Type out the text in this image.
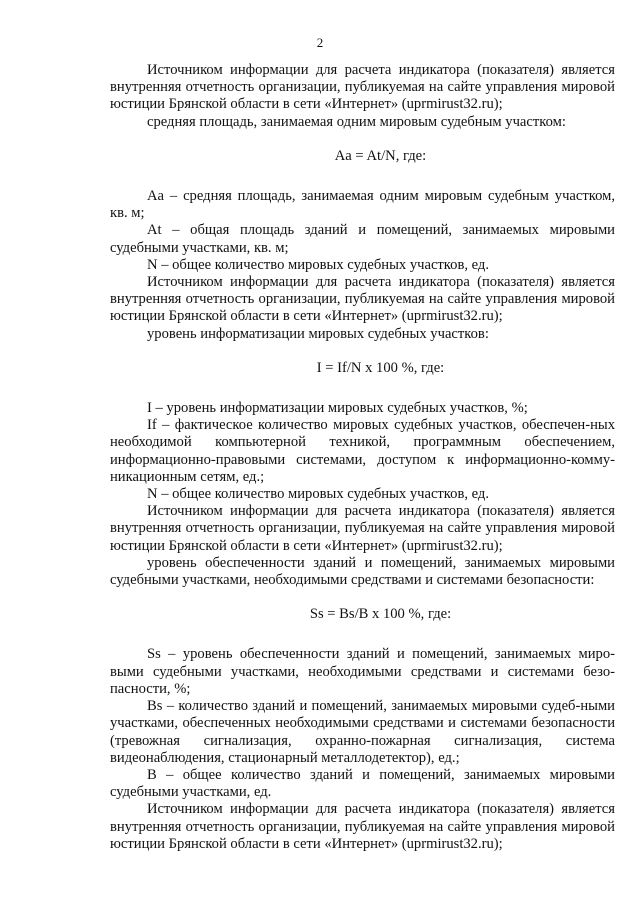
2

Источником информации для расчета индикатора (показателя) является внутренняя отчетность организации, публикуемая на сайте управления мировой юстиции Брянской области в сети «Интернет» (uprmirust32.ru);

средняя площадь, занимаемая одним мировым судебным участком:

Aa = At/N, где:

Aa – средняя площадь, занимаемая одним мировым судебным участком, кв. м;

At – общая площадь зданий и помещений, занимаемых мировыми судебными участками, кв. м;

N – общее количество мировых судебных участков, ед.

Источником информации для расчета индикатора (показателя) является внутренняя отчетность организации, публикуемая на сайте управления мировой юстиции Брянской области в сети «Интернет» (uprmirust32.ru);

уровень информатизации мировых судебных участков:

I = If/N x 100 %, где:

I – уровень информатизации мировых судебных участков, %;

If – фактическое количество мировых судебных участков, обеспечен-ных необходимой компьютерной техникой, программным обеспечением, информационно-правовыми системами, доступом к информационно-комму-никационным сетям, ед.;

N – общее количество мировых судебных участков, ед.

Источником информации для расчета индикатора (показателя) является внутренняя отчетность организации, публикуемая на сайте управления мировой юстиции Брянской области в сети «Интернет» (uprmirust32.ru);

уровень обеспеченности зданий и помещений, занимаемых мировыми судебными участками, необходимыми средствами и системами безопасности:

Ss = Bs/B x 100 %, где:

Ss – уровень обеспеченности зданий и помещений, занимаемых миро-выми судебными участками, необходимыми средствами и системами безо-пасности, %;

Bs – количество зданий и помещений, занимаемых мировыми судеб-ными участками, обеспеченных необходимыми средствами и системами безопасности (тревожная сигнализация, охранно-пожарная сигнализация, система видеонаблюдения, стационарный металлодетектор), ед.;

B – общее количество зданий и помещений, занимаемых мировыми судебными участками, ед.

Источником информации для расчета индикатора (показателя) является внутренняя отчетность организации, публикуемая на сайте управления мировой юстиции Брянской области в сети «Интернет» (uprmirust32.ru);
